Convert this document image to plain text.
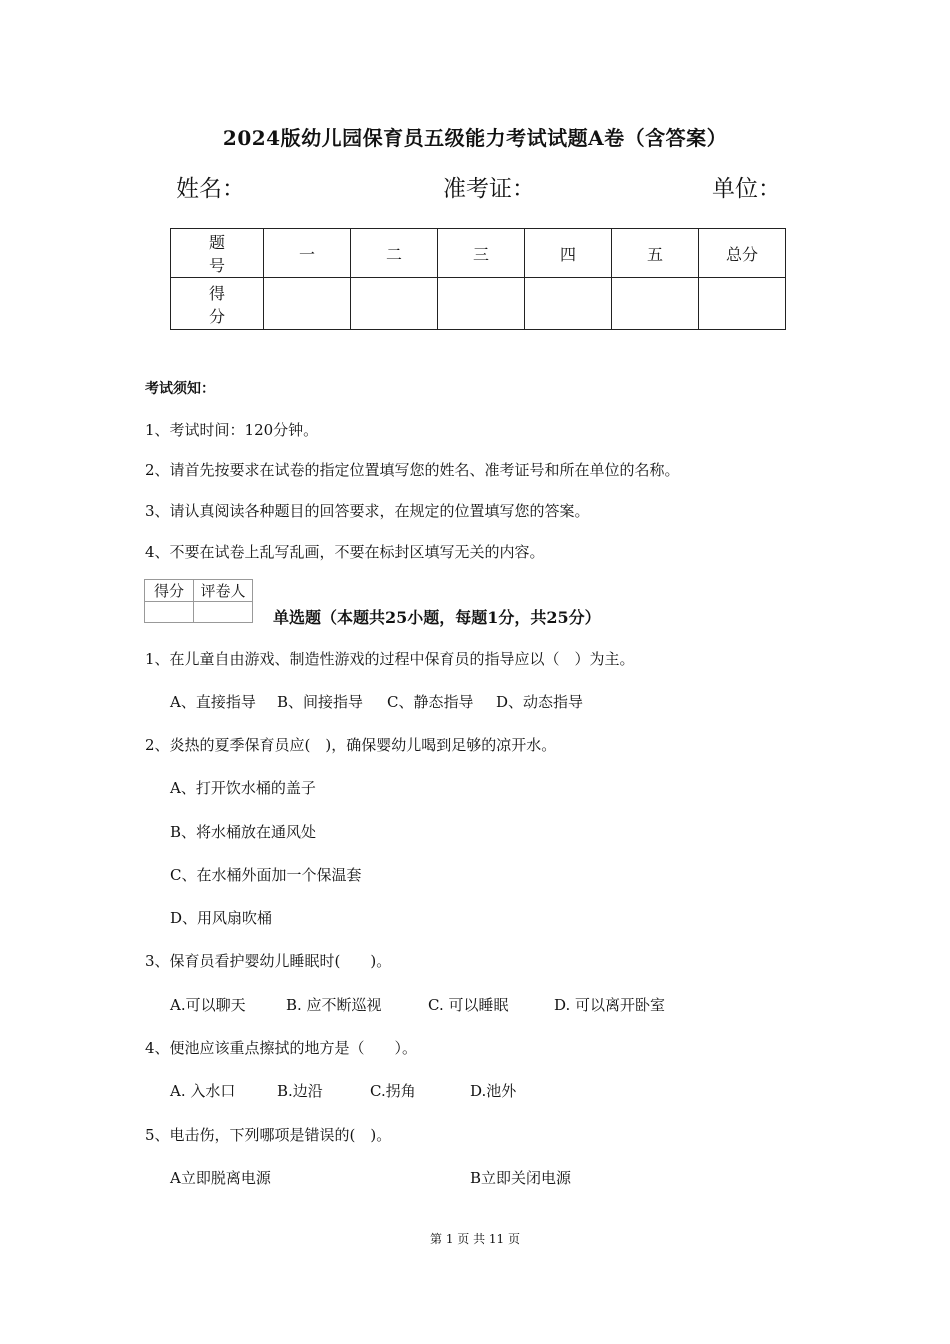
2024版幼儿园保育员五级能力考试试题A卷（含答案）
姓名：	准考证：	单位：
题　号	一	二	三	四	五	总分
得　分						
考试须知：
1、考试时间：120分钟。
2、请首先按要求在试卷的指定位置填写您的姓名、准考证号和所在单位的名称。
3、请认真阅读各种题目的回答要求，在规定的位置填写您的答案。
4、不要在试卷上乱写乱画，不要在标封区填写无关的内容。
得分	评卷人

单选题（本题共25小题，每题1分，共25分）
1、在儿童自由游戏、制造性游戏的过程中保育员的指导应以（　）为主。
A、直接指导 B、间接指导 C、静态指导 D、动态指导
2、炎热的夏季保育员应(　)，确保婴幼儿喝到足够的凉开水。
A、打开饮水桶的盖子
B、将水桶放在通风处
C、在水桶外面加一个保温套
D、用风扇吹桶
3、保育员看护婴幼儿睡眠时(　　)。
A.可以聊天	B. 应不断巡视	C. 可以睡眠	D. 可以离开卧室
4、便池应该重点擦拭的地方是（　　）。
A. 入水口	B.边沿	C.拐角	D.池外
5、电击伤，下列哪项是错误的(　)。
A立即脱离电源	B立即关闭电源
第 1 页 共 11 页
